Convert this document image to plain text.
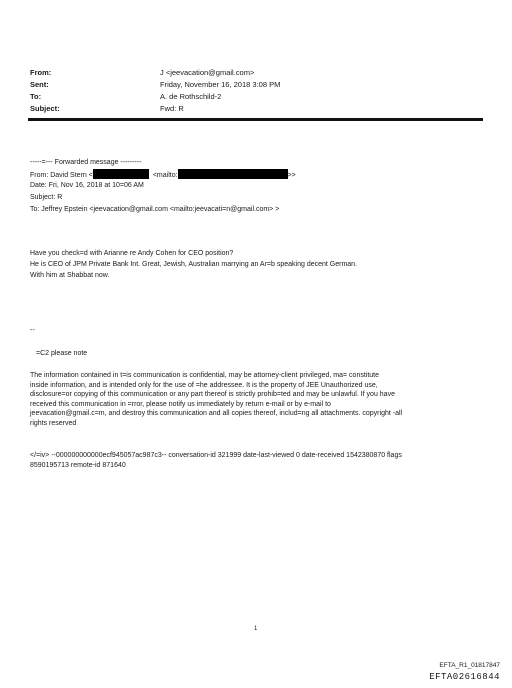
From:	J <jeevacation@gmail.com>
Sent:	Friday, November 16, 2018 3:08 PM
To:	A. de Rothschild-2
Subject:	Fwd: R
-----=--- Forwarded message ---------
From: David Stern <	<mailto:	>>
Date: Fri, Nov 16, 2018 at 10=06 AM
Subject: R
To: Jeffrey Epstein <jeevacation@gmail.com <mailto:jeevacati=n@gmail.com> >
Have you check=d with Arianne re Andy Cohen for CEO position?
He is CEO of JPM Private Bank Int. Great, Jewish, Australian marrying an Ar=b speaking decent German.
With him at Shabbat now.
--
=C2 please note
The information contained in t=is communication is confidential, may be attorney-client privileged, ma= constitute
inside information, and is intended only for the use of =he addressee. It is the property of JEE Unauthorized use,
disclosure=or copying of this communication or any part thereof is strictly prohib=ted and may be unlawful. If you have
received this communication in =rror, please notify us immediately by return e-mail or by e-mail to
jeevacation@gmail.c=m, and destroy this communication and all copies thereof, includ=ng all attachments. copyright -all
rights reserved
</=iv> --000000000000ecf945057ac987c3-- conversation-id 321999 date-last-viewed 0 date-received 1542380870 flags
8590195713 remote-id 871640
1
EFTA_R1_01817847
EFTA02616844
